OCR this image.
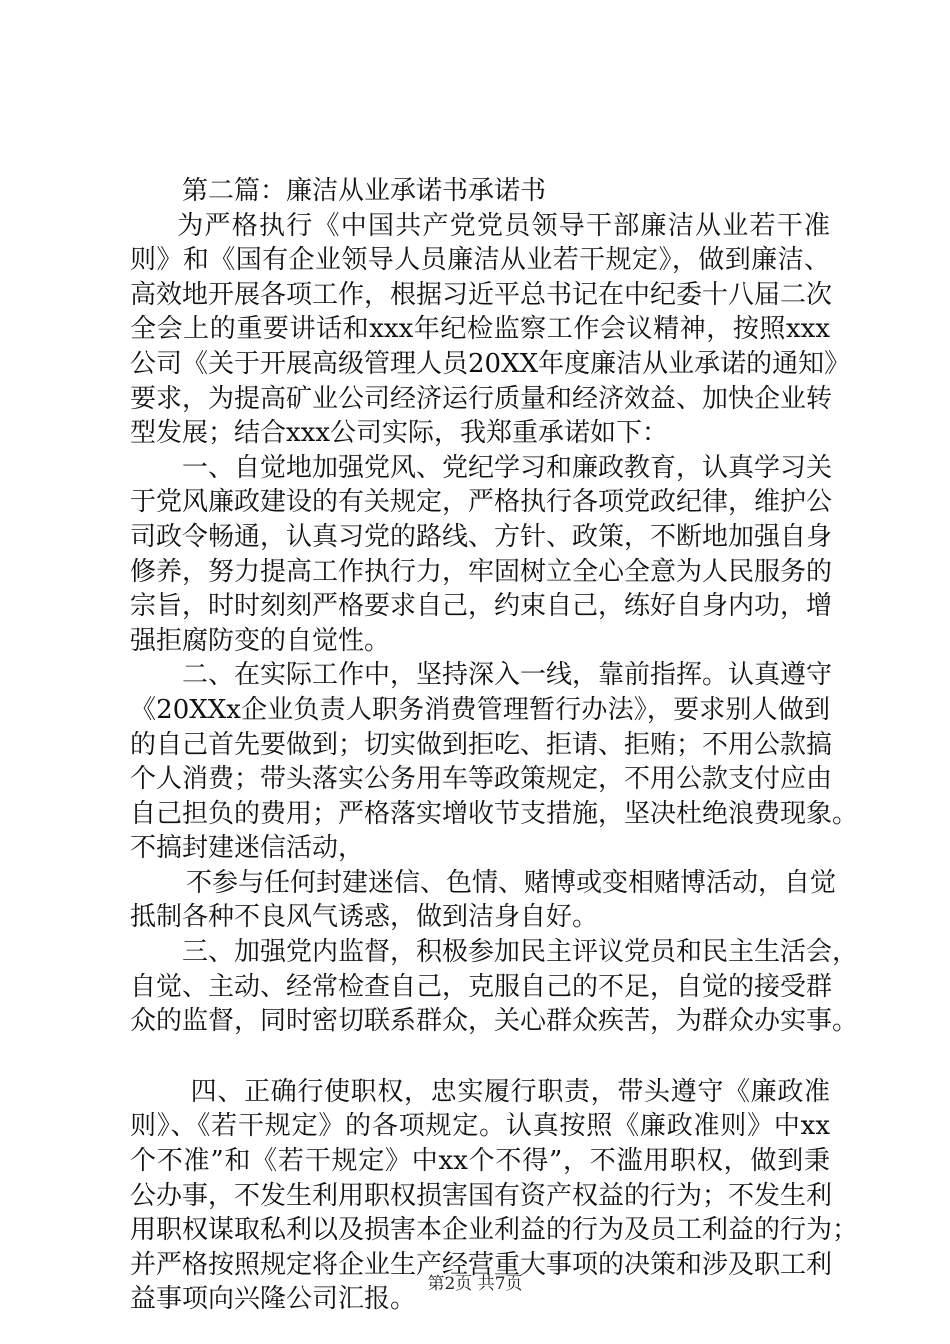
第二篇：廉洁从业承诺书承诺书
　为严格执行《中国共产党党员领导干部廉洁从业若干准
则》和《国有企业领导人员廉洁从业若干规定》，做到廉洁、
高效地开展各项工作，根据习近平总书记在中纪委十八届二次
全会上的重要讲话和xxx年纪检监察工作会议精神，按照xxx
公司《关于开展高级管理人员20XX年度廉洁从业承诺的通知》
要求，为提高矿业公司经济运行质量和经济效益、加快企业转
型发展；结合xxx公司实际，我郑重承诺如下：
　一、自觉地加强党风、党纪学习和廉政教育，认真学习关
于党风廉政建设的有关规定，严格执行各项党政纪律，维护公
司政令畅通，认真习党的路线、方针、政策，不断地加强自身
修养，努力提高工作执行力，牢固树立全心全意为人民服务的
宗旨，时时刻刻严格要求自己，约束自己，练好自身内功，增
强拒腐防变的自觉性。
　二、在实际工作中，坚持深入一线，靠前指挥。认真遵守
《20XXx企业负责人职务消费管理暂行办法》，要求别人做到
的自己首先要做到；切实做到拒吃、拒请、拒贿；不用公款搞
个人消费；带头落实公务用车等政策规定，不用公款支付应由
自己担负的费用；严格落实增收节支措施，坚决杜绝浪费现象。
不搞封建迷信活动，
　不参与任何封建迷信、色情、赌博或变相赌博活动，自觉
抵制各种不良风气诱惑，做到洁身自好。
　三、加强党内监督，积极参加民主评议党员和民主生活会，
自觉、主动、经常检查自己，克服自己的不足，自觉的接受群
众的监督，同时密切联系群众，关心群众疾苦，为群众办实事。
　四、正确行使职权，忠实履行职责，带头遵守《廉政准
则》、《若干规定》的各项规定。认真按照《廉政准则》中xx
个不准”和《若干规定》中xx个不得”，不滥用职权，做到秉
公办事，不发生利用职权损害国有资产权益的行为；不发生利
用职权谋取私利以及损害本企业利益的行为及员工利益的行为；
并严格按照规定将企业生产经营重大事项的决策和涉及职工利
益事项向兴隆公司汇报。
第2页 共7页
